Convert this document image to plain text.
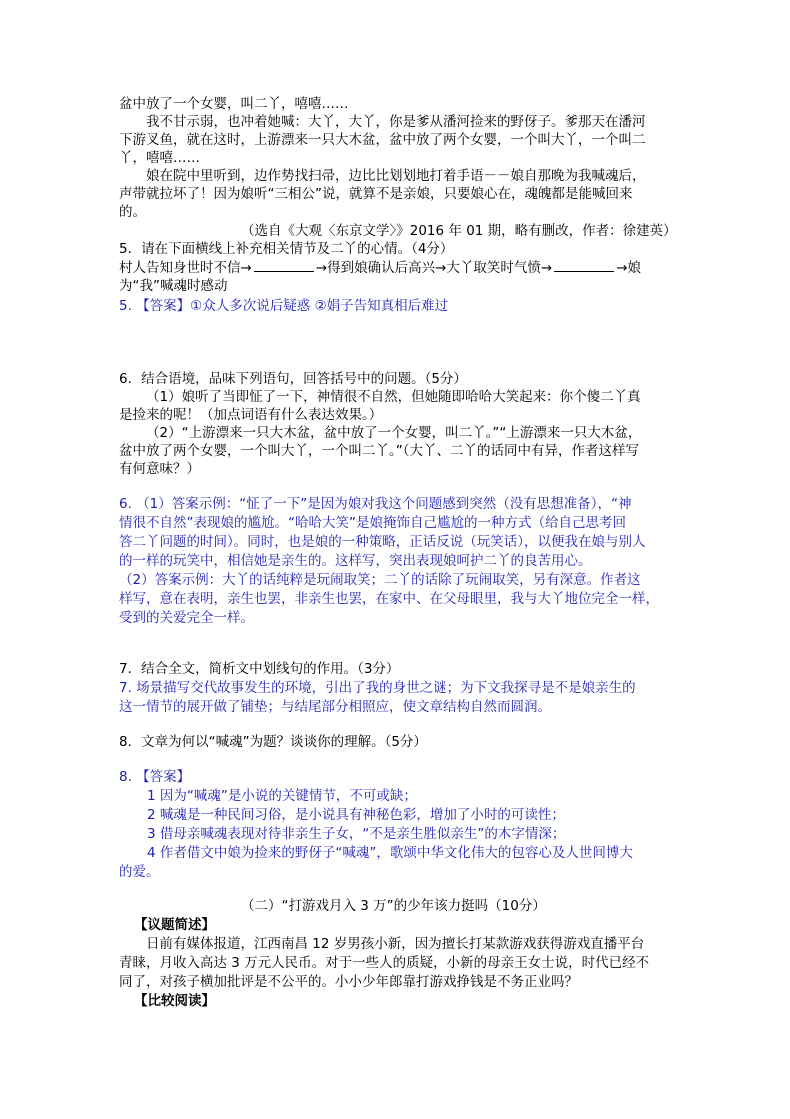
盆中放了一个女婴，叫二丫，嘻嘻……
我不甘示弱，也冲着她喊：大丫，大丫，你是爹从潘河捡来的野伢子。爹那天在潘河
下游叉鱼，就在这时，上游漂来一只大木盆，盆中放了两个女婴，一个叫大丫，一个叫二
丫，嘻嘻……
娘在院中里听到，边作势找扫帚，边比比划划地打着手语－－娘自那晚为我喊魂后，
声带就拉坏了！因为娘听“三相公”说，就算不是亲娘，只要娘心在，魂魄都是能喊回来
的。
（选自《大观〈东京文学〉》2016 年 01 期，略有删改，作者：徐建英）
5．请在下面横线上补充相关情节及二丫的心情。（4分）
村人告知身世时不信→	→得到娘确认后高兴→大丫取笑时气愤→	→娘
为“我”喊魂时感动
5. 【答案】①众人多次说后疑惑 ②娟子告知真相后难过
6．结合语境，品味下列语句，回答括号中的问题。（5分）
（1）娘听了当即怔了一下，神情很不自然，但她随即哈哈大笑起来：你个傻二丫真
是捡来的呢！（加点词语有什么表达效果。）
（2）“上游漂来一只大木盆，盆中放了一个女婴，叫二丫。”“上游漂来一只大木盆，
盆中放了两个女婴，一个叫大丫，一个叫二丫。”（大丫、二丫的话同中有异，作者这样写
有何意味？）
6. （1）答案示例：“怔了一下”是因为娘对我这个问题感到突然（没有思想准备），“神
情很不自然”表现娘的尴尬。“哈哈大笑”是娘掩饰自己尴尬的一种方式（给自己思考回
答二丫问题的时间）。同时，也是娘的一种策略，正话反说（玩笑话），以便我在娘与别人
的一样的玩笑中，相信她是亲生的。这样写，突出表现娘呵护二丫的良苦用心。
（2）答案示例：大丫的话纯粹是玩闹取笑；二丫的话除了玩闹取笑，另有深意。作者这
样写，意在表明，亲生也罢，非亲生也罢，在家中、在父母眼里，我与大丫地位完全一样，
受到的关爱完全一样。
7．结合全文，简析文中划线句的作用。（3分）
7. 场景描写交代故事发生的环境，引出了我的身世之谜；为下文我探寻是不是娘亲生的
这一情节的展开做了铺垫；与结尾部分相照应，使文章结构自然而圆润。
8．文章为何以“喊魂”为题？谈谈你的理解。（5分）
8. 【答案】
1 因为“喊魂”是小说的关键情节，不可或缺；
2 喊魂是一种民间习俗，是小说具有神秘色彩，增加了小时的可读性；
3 借母亲喊魂表现对待非亲生子女，“不是亲生胜似亲生”的木字情深；
4 作者借文中娘为捡来的野伢子“喊魂”，歌颂中华文化伟大的包容心及人世间博大
的爱。
（二）“打游戏月入 3 万”的少年该力挺吗（10分）
【议题简述】
日前有媒体报道，江西南昌 12 岁男孩小新，因为擅长打某款游戏获得游戏直播平台
青睐，月收入高达 3 万元人民币。对于一些人的质疑，小新的母亲王女士说，时代已经不
同了，对孩子横加批评是不公平的。小小少年郎靠打游戏挣钱是不务正业吗？
【比较阅读】
